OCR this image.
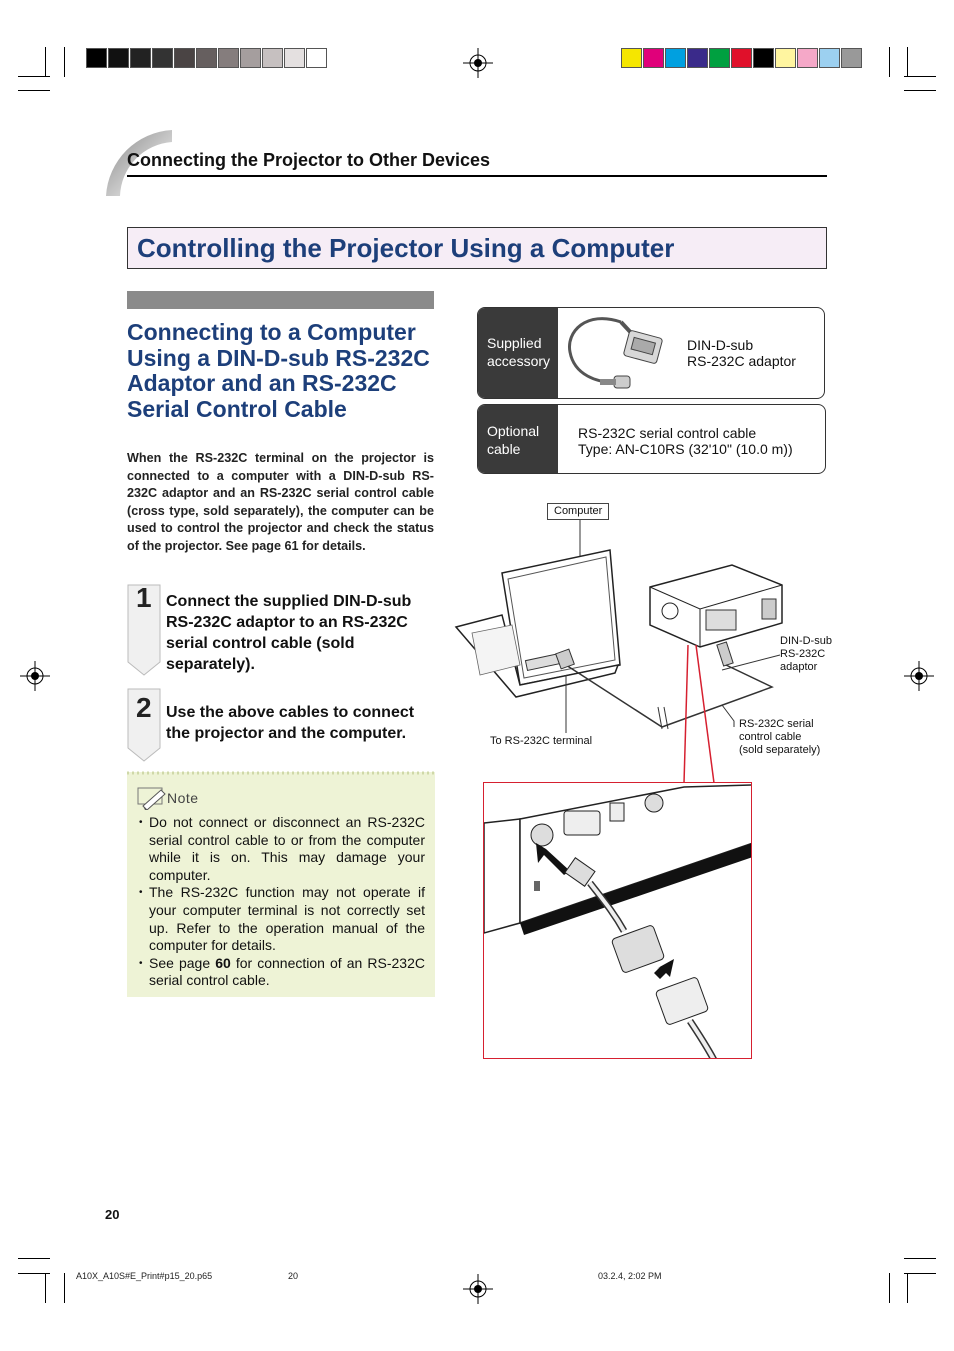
Connecting the Projector to Other Devices
Controlling the Projector Using a Computer
Connecting to a Computer Using a DIN-D-sub RS-232C Adaptor and an RS-232C Serial Control Cable
When the RS-232C terminal on the projector is connected to a computer with a DIN-D-sub RS-232C adaptor and an RS-232C serial control cable (cross type, sold separately), the computer can be used to control the projector and check the status of the projector. See page 61 for details.
1 Connect the supplied DIN-D-sub RS-232C adaptor to an RS-232C serial control cable (sold separately).
2 Use the above cables to connect the projector and the computer.
Note
• Do not connect or disconnect an RS-232C serial control cable to or from the computer while it is on. This may damage your computer.
• The RS-232C function may not operate if your computer terminal is not correctly set up. Refer to the operation manual of the computer for details.
• See page 60 for connection of an RS-232C serial control cable.
Supplied
accessory
DIN-D-sub
RS-232C adaptor
Optional
cable
RS-232C serial control cable
Type: AN-C10RS (32'10" (10.0 m))
Computer
DIN-D-sub
RS-232C
adaptor
RS-232C serial
control cable
(sold separately)
To RS-232C terminal
20
A10X_A10S#E_Print#p15_20.p65	20	03.2.4, 2:02 PM
